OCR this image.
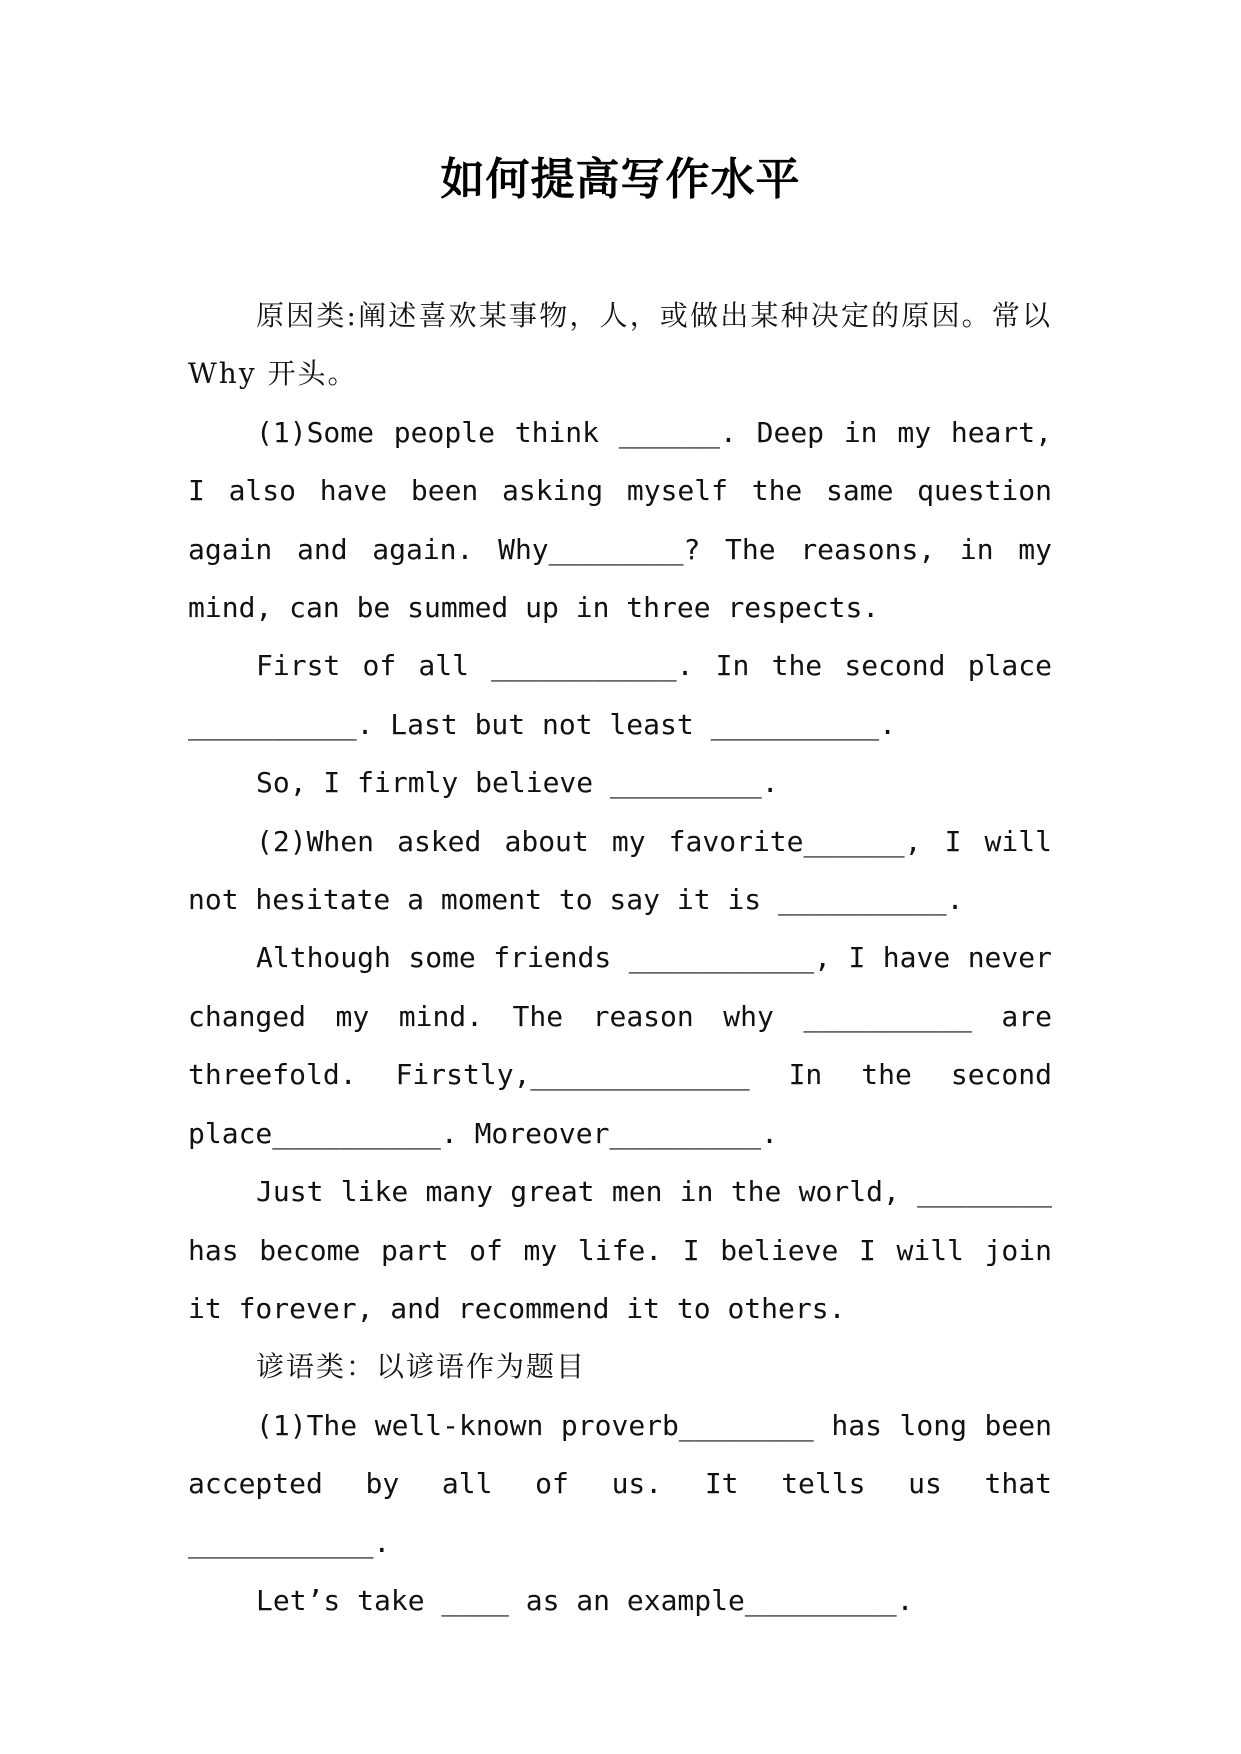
如何提高写作水平

原因类:阐述喜欢某事物，人，或做出某种决定的原因。常以 Why 开头。

(1)Some people think ______. Deep in my heart, I also have been asking myself the same question again and again. Why________? The reasons, in my mind, can be summed up in three respects.

First of all ___________. In the second place __________. Last but not least __________.

So, I firmly believe _________.

(2)When asked about my favorite______, I will not hesitate a moment to say it is __________.

Although some friends ___________, I have never changed my mind. The reason why __________ are threefold. Firstly,_____________ In the second place__________. Moreover_________.

Just like many great men in the world, ________ has become part of my life. I believe I will join it forever, and recommend it to others.

谚语类：以谚语作为题目

(1)The well-known proverb________ has long been accepted by all of us. It tells us that ___________.

Let’s take ____ as an example_________.
